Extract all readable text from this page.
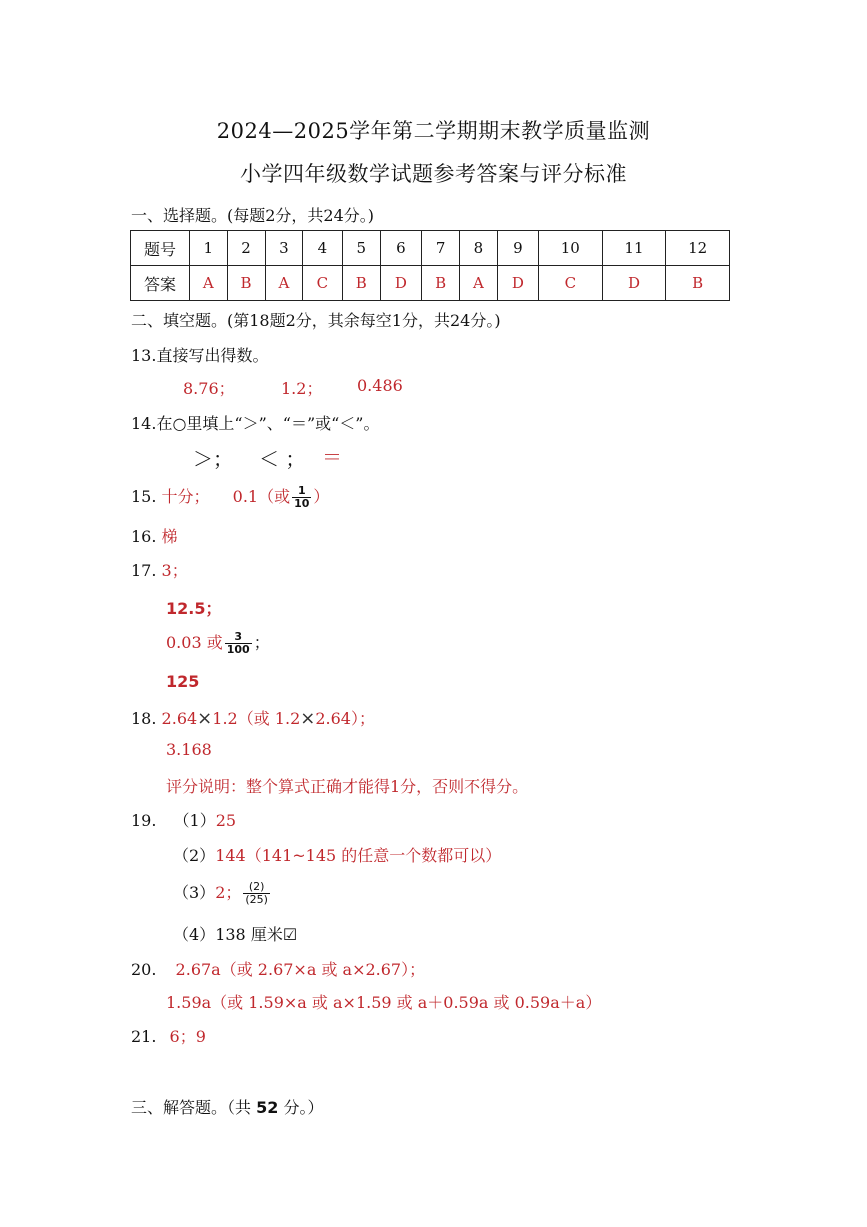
2024—2025学年第二学期期末教学质量监测
小学四年级数学试题参考答案与评分标准
一、选择题。(每题2分，共24分。)
题号	1	2	3	4	5	6	7	8	9	10	11	12
答案	A	B	A	C	B	D	B	A	D	C	D	B
二、填空题。(第18题2分，其余每空1分，共24分。)
13.直接写出得数。
8.76；	1.2； 0.486
14.在○里填上“＞”、“＝”或“＜”。
＞； ＜ ； ＝
15. 十分； 0.1（或 $\frac{1}{10}$ ）
16. 梯
17. 3；
12.5；
0.03 或 $\frac{3}{100}$ ；
125
18. 2.64×1.2（或 1.2×2.64）；
3.168
评分说明：整个算式正确才能得1分，否则不得分。
19. （1）25
（2）144（141~145 的任意一个数都可以）
（3）2； $\frac{(2)}{(25)}$
（4）138 厘米☑
20. 2.67a（或 2.67×a 或 a×2.67）；
1.59a（或 1.59×a 或 a×1.59 或 a＋0.59a 或 0.59a＋a）
21. 6；9
三、解答题。（共 52 分。）
